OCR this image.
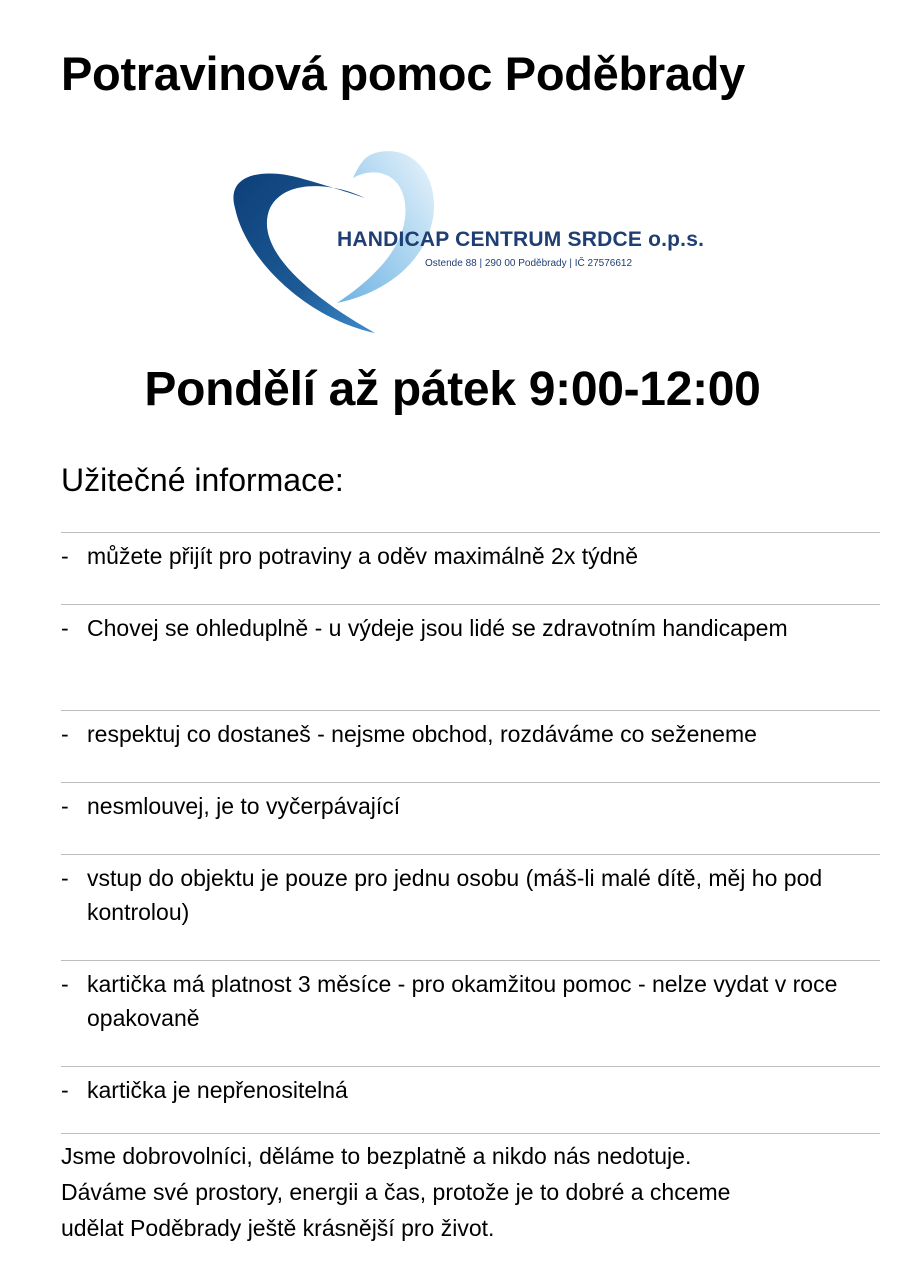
Potravinová pomoc Poděbrady
HANDICAP CENTRUM SRDCE o.p.s.
Ostende 88 | 290 00 Poděbrady | IČ 27576612
Pondělí až pátek 9:00-12:00
Užitečné informace:
- můžete přijít pro potraviny a oděv maximálně 2x týdně
- Chovej se ohleduplně - u výdeje jsou lidé se zdravotním handicapem
- respektuj co dostaneš - nejsme obchod, rozdáváme co seženeme
- nesmlouvej, je to vyčerpávající
- vstup do objektu je pouze pro jednu osobu (máš-li malé dítě, měj ho pod kontrolou)
- kartička má platnost 3 měsíce - pro okamžitou pomoc - nelze vydat v roce opakovaně
- kartička je nepřenositelná
Jsme dobrovolníci, děláme to bezplatně a nikdo nás nedotuje.
Dáváme své prostory, energii a čas, protože je to dobré a chceme
udělat Poděbrady ještě krásnější pro život.
